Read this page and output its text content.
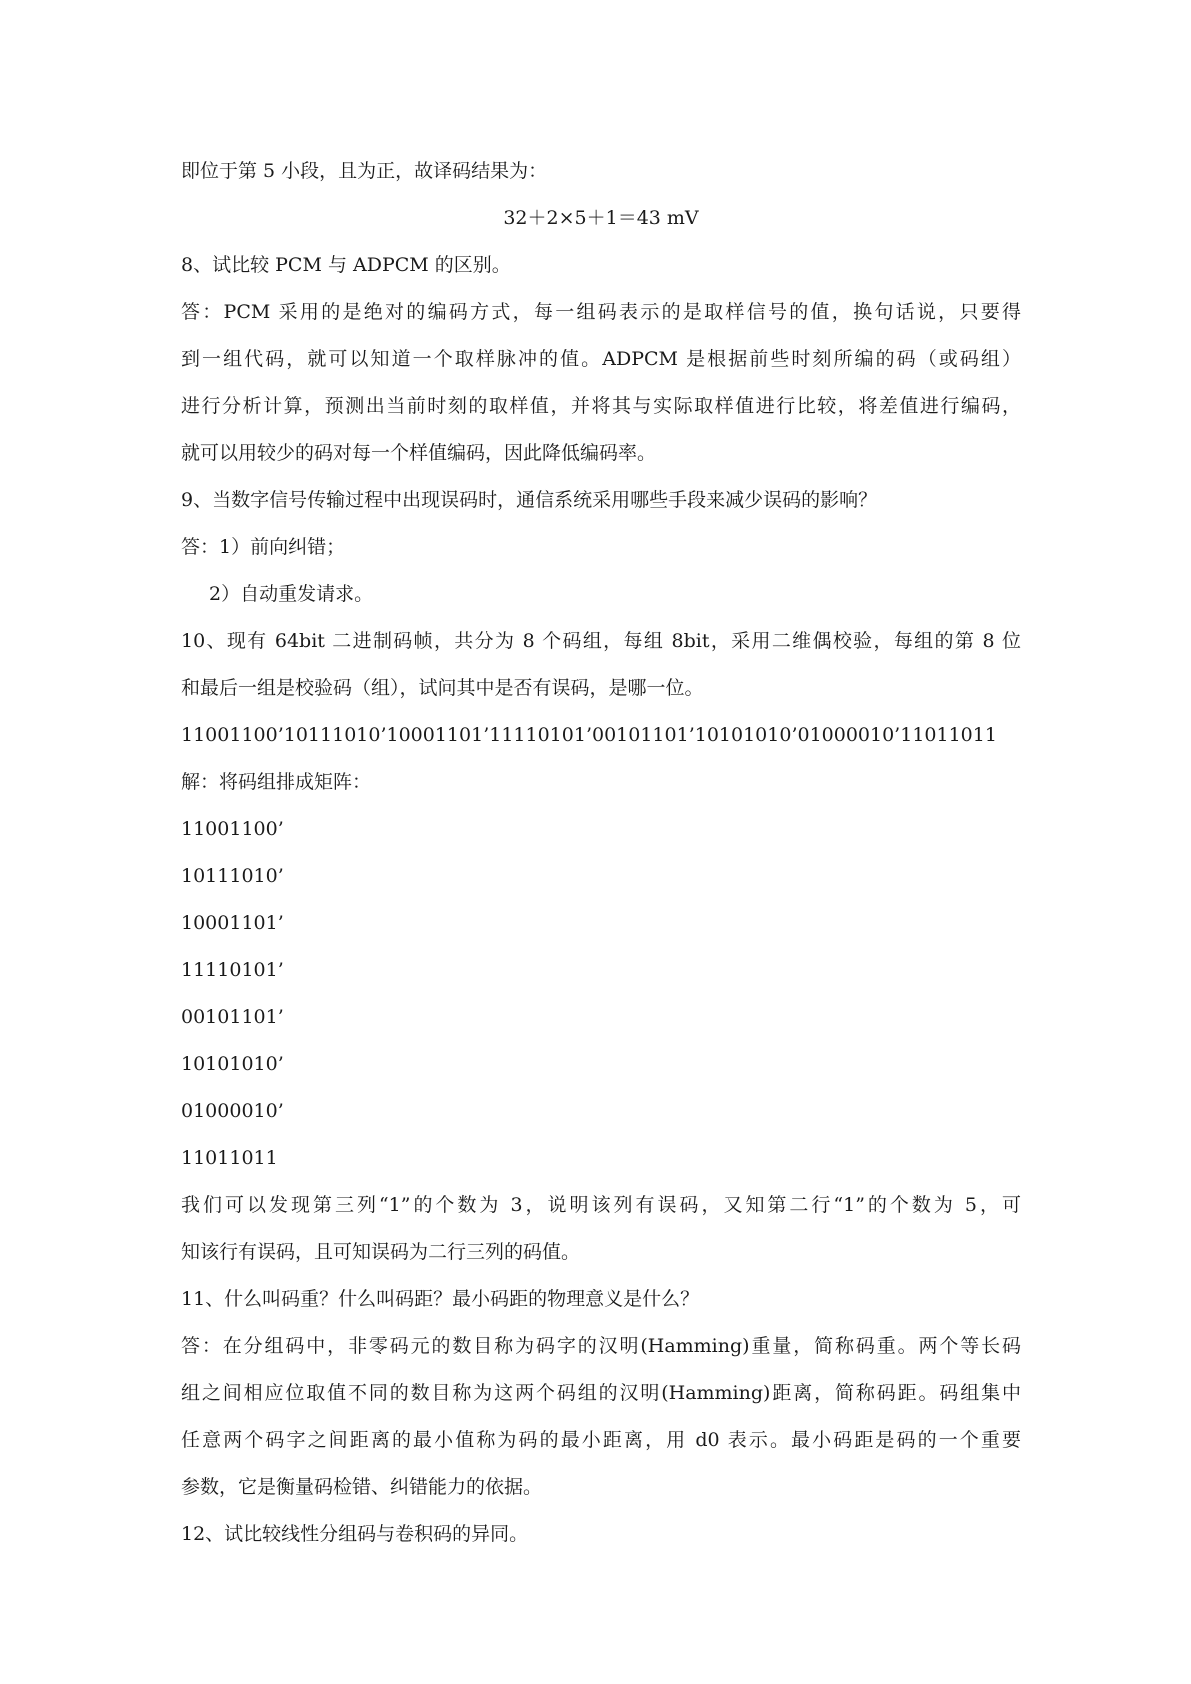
即位于第 5 小段，且为正，故译码结果为：
32＋2×5＋1＝43 mV
8、试比较 PCM 与 ADPCM 的区别。
答：PCM 采用的是绝对的编码方式，每一组码表示的是取样信号的值，换句话说，只要得
到一组代码，就可以知道一个取样脉冲的值。ADPCM 是根据前些时刻所编的码（或码组）
进行分析计算，预测出当前时刻的取样值，并将其与实际取样值进行比较，将差值进行编码，
就可以用较少的码对每一个样值编码，因此降低编码率。
9、当数字信号传输过程中出现误码时，通信系统采用哪些手段来减少误码的影响？
答：1）前向纠错；
2）自动重发请求。
10、现有 64bit 二进制码帧，共分为 8 个码组，每组 8bit，采用二维偶校验，每组的第 8 位
和最后一组是校验码（组），试问其中是否有误码，是哪一位。
11001100’10111010’10001101’11110101’00101101’10101010’01000010’11011011
解：将码组排成矩阵：
11001100’
10111010’
10001101’
11110101’
00101101’
10101010’
01000010’
11011011
我们可以发现第三列“1”的个数为 3，说明该列有误码，又知第二行“1”的个数为 5，可
知该行有误码，且可知误码为二行三列的码值。
11、什么叫码重？什么叫码距？最小码距的物理意义是什么？
答：在分组码中，非零码元的数目称为码字的汉明(Hamming)重量，简称码重。两个等长码
组之间相应位取值不同的数目称为这两个码组的汉明(Hamming)距离，简称码距。码组集中
任意两个码字之间距离的最小值称为码的最小距离，用 d0 表示。最小码距是码的一个重要
参数，它是衡量码检错、纠错能力的依据。
12、试比较线性分组码与卷积码的异同。
